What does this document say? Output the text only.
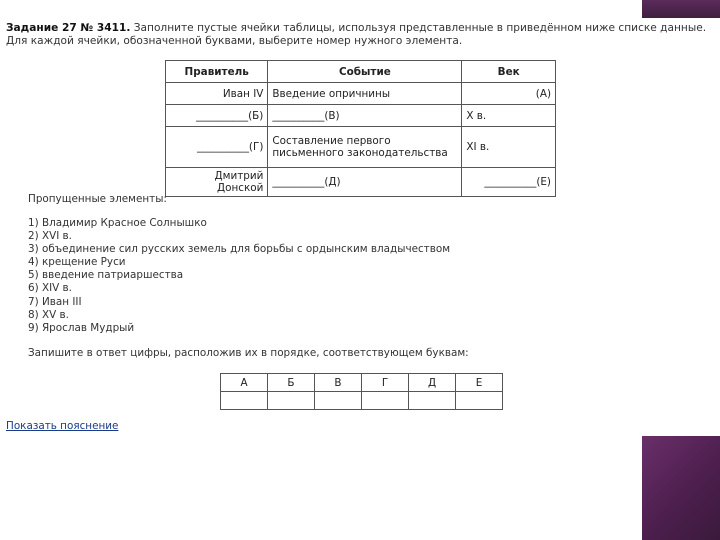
Задание 27 № 3411. Заполните пустые ячейки таблицы, используя представленные в приведённом ниже списке данные. Для каждой ячейки, обозначенной буквами, выберите номер нужного элемента.
Правитель	Событие	Век
Иван IV	Введение опричнины	(А)
__________(Б)	__________(В)	X в.
__________(Г)	Составление первого письменного законодательства	XI в.
Дмитрий Донской	__________(Д)	__________(Е)
Пропущенные элементы:
1) Владимир Красное Солнышко
2) XVI в.
3) объединение сил русских земель для борьбы с ордынским владычеством
4) крещение Руси
5) введение патриаршества
6) XIV в.
7) Иван III
8) XV в.
9) Ярослав Мудрый
Запишите в ответ цифры, расположив их в порядке, соответствующем буквам:
А	Б	В	Г	Д	Е

Показать пояснение
